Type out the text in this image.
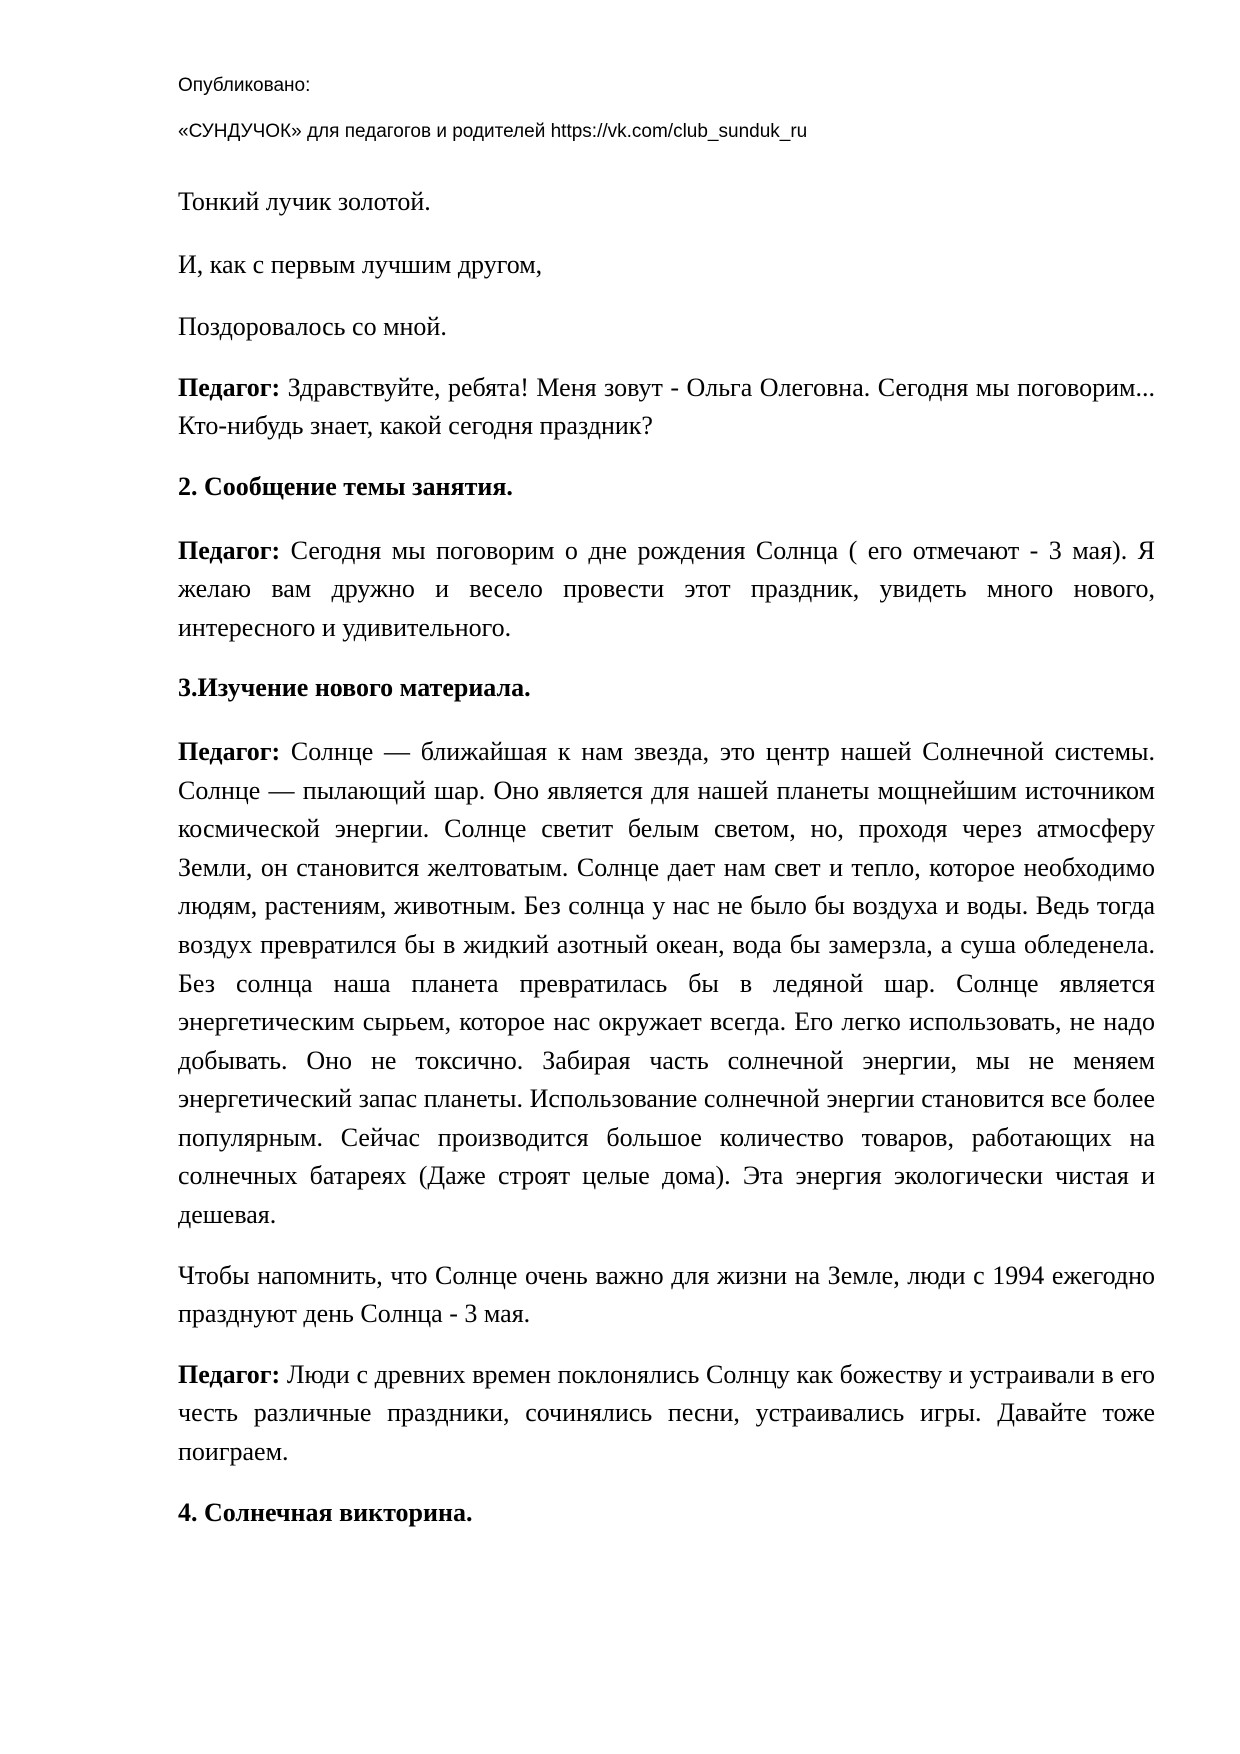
Опубликовано:

«СУНДУЧОК» для педагогов и родителей https://vk.com/club_sunduk_ru

Тонкий лучик золотой.

И, как с первым лучшим другом,

Поздоровалось со мной.

Педагог: Здравствуйте, ребята! Меня зовут - Ольга Олеговна. Сегодня мы поговорим... Кто-нибудь знает, какой сегодня праздник?

2. Сообщение темы занятия.

Педагог: Сегодня мы поговорим о дне рождения Солнца ( его отмечают - 3 мая). Я желаю вам дружно и весело провести этот праздник, увидеть много нового, интересного и удивительного.

3.Изучение нового материала.

Педагог: Солнце — ближайшая к нам звезда, это центр нашей Солнечной системы. Солнце — пылающий шар. Оно является для нашей планеты мощнейшим источником космической энергии. Солнце светит белым светом, но, проходя через атмосферу Земли, он становится желтоватым. Солнце дает нам свет и тепло, которое необходимо людям, растениям, животным. Без солнца у нас не было бы воздуха и воды. Ведь тогда воздух превратился бы в жидкий азотный океан, вода бы замерзла, а суша обледенела. Без солнца наша планета превратилась бы в ледяной шар. Солнце является энергетическим сырьем, которое нас окружает всегда. Его легко использовать, не надо добывать. Оно не токсично. Забирая часть солнечной энергии, мы не меняем энергетический запас планеты. Использование солнечной энергии становится все более популярным. Сейчас производится большое количество товаров, работающих на солнечных батареях (Даже строят целые дома). Эта энергия экологически чистая и дешевая.

Чтобы напомнить, что Солнце очень важно для жизни на Земле, люди с 1994 ежегодно празднуют день Солнца - 3 мая.

Педагог: Люди с древних времен поклонялись Солнцу как божеству и устраивали в его честь различные праздники, сочинялись песни, устраивались игры. Давайте тоже поиграем.

4. Солнечная викторина.
